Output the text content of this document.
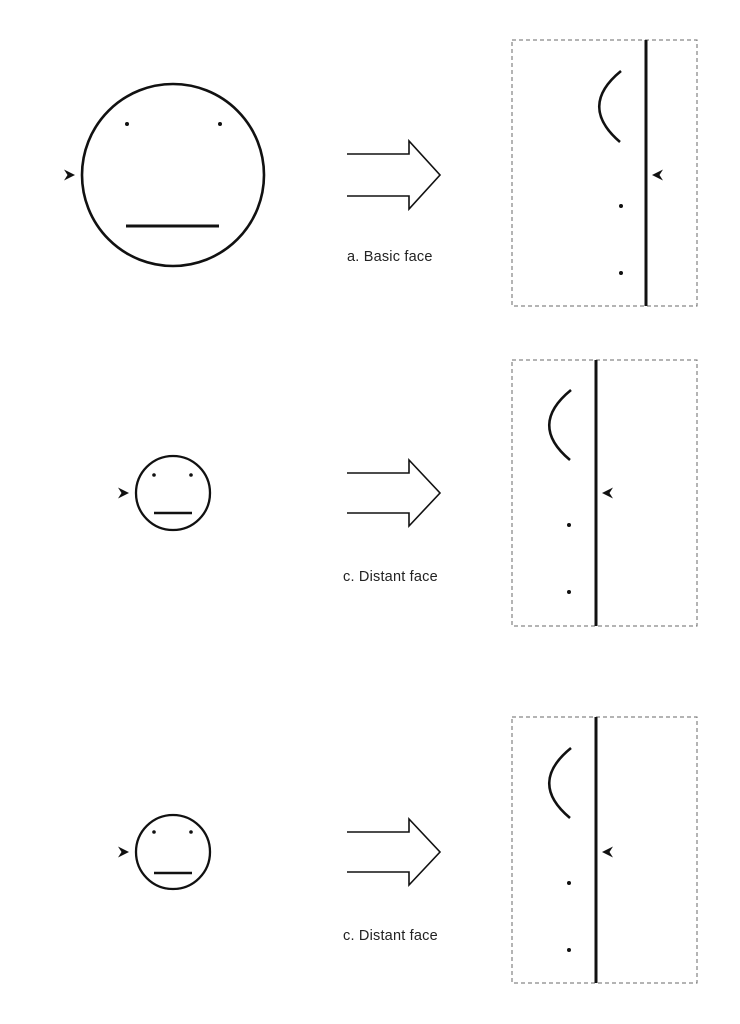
a. Basic face
c. Distant face
c. Distant face
